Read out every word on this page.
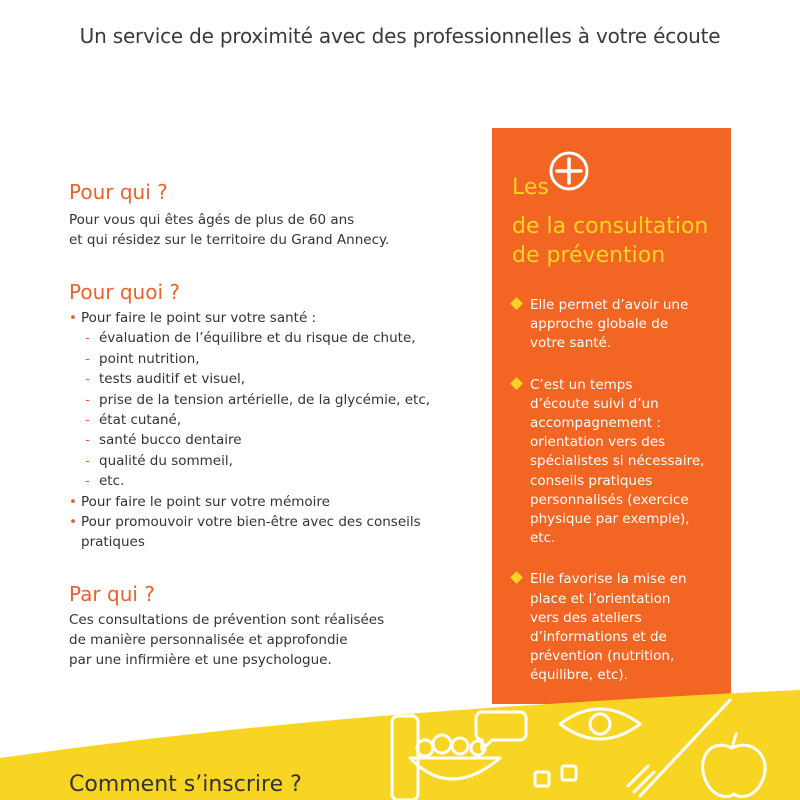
Un service de proximité avec des professionnelles à votre écoute
Pour qui ?

Pour vous qui êtes âgés de plus de 60 ans
et qui résidez sur le territoire du Grand Annecy.

Pour quoi ?
• Pour faire le point sur votre santé :
- évaluation de l’équilibre et du risque de chute,
- point nutrition,
- tests auditif et visuel,
- prise de la tension artérielle, de la glycémie, etc,
- état cutané,
- santé bucco dentaire
- qualité du sommeil,
- etc.
• Pour faire le point sur votre mémoire
• Pour promouvoir votre bien-être avec des conseils
pratiques
Par qui ?

Ces consultations de prévention sont réalisées
de manière personnalisée et approfondie
par une infirmière et une psychologue.

Les
de la consultation
de prévention
Elle permet d’avoir une
approche globale de
votre santé.
C’est un temps
d’écoute suivi d’un
accompagnement :
orientation vers des
spécialistes si nécessaire,
conseils pratiques
personnalisés (exercice
physique par exemple),
etc.
Elle favorise la mise en
place et l’orientation
vers des ateliers
d’informations et de
prévention (nutrition,
équilibre, etc).
Comment s’inscrire ?
